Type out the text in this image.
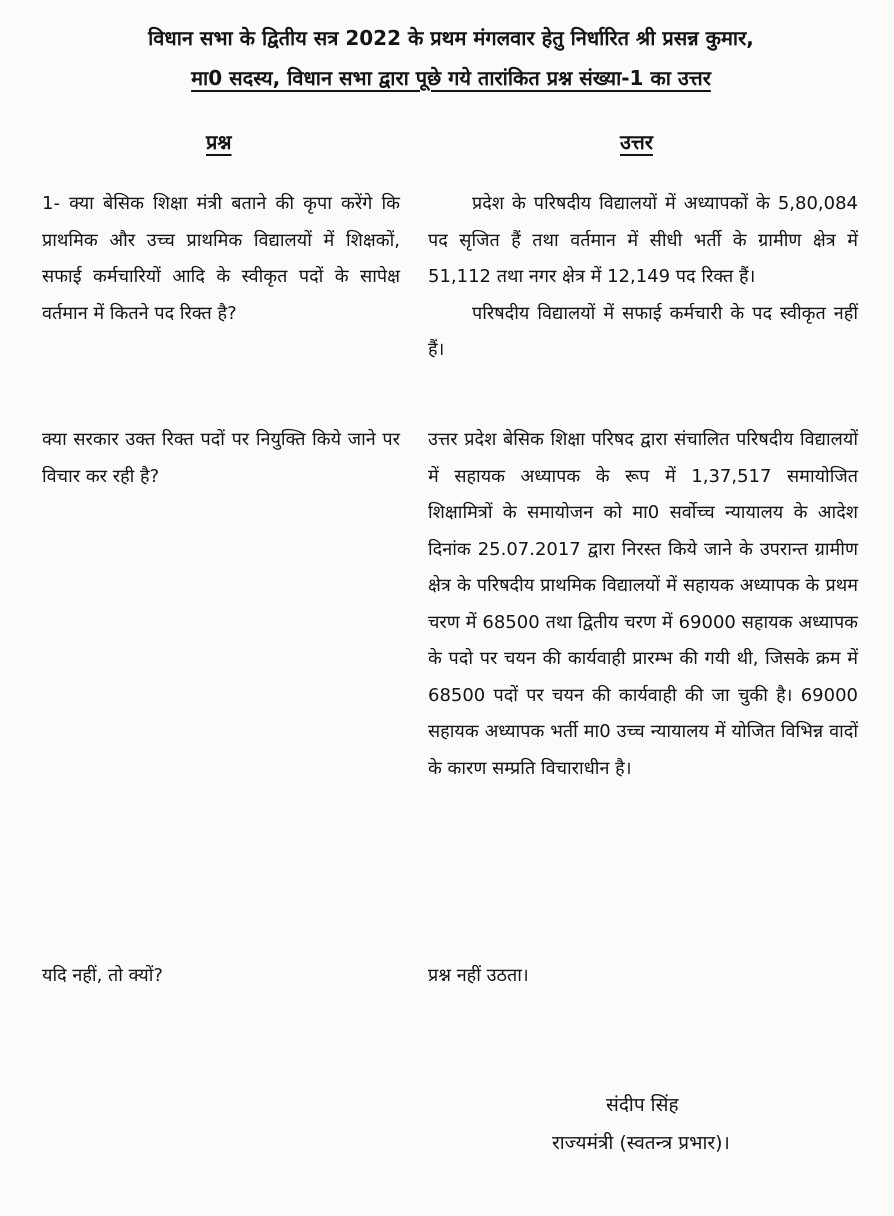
विधान सभा के द्वितीय सत्र 2022 के प्रथम मंगलवार हेतु निर्धारित श्री प्रसन्न कुमार,
मा0 सदस्य, विधान सभा द्वारा पूछे गये तारांकित प्रश्न संख्या-1 का उत्तर
प्रश्न	उत्तर
1- क्या बेसिक शिक्षा मंत्री बताने की कृपा करेंगे कि प्राथमिक और उच्च प्राथमिक विद्यालयों में शिक्षकों, सफाई कर्मचारियों आदि के स्वीकृत पदों के सापेक्ष वर्तमान में कितने पद रिक्त है?
क्या सरकार उक्त रिक्त पदों पर नियुक्ति किये जाने पर विचार कर रही है?
यदि नहीं, तो क्यों?

प्रदेश के परिषदीय विद्यालयों में अध्यापकों के 5,80,084 पद सृजित हैं तथा वर्तमान में सीधी भर्ती के ग्रामीण क्षेत्र में 51,112 तथा नगर क्षेत्र में 12,149 पद रिक्त हैं।

परिषदीय विद्यालयों में सफाई कर्मचारी के पद स्वीकृत नहीं हैं।

उत्तर प्रदेश बेसिक शिक्षा परिषद द्वारा संचालित परिषदीय विद्यालयों में सहायक अध्यापक के रूप में 1,37,517 समायोजित शिक्षामित्रों के समायोजन को मा0 सर्वोच्च न्यायालय के आदेश दिनांक 25.07.2017 द्वारा निरस्त किये जाने के उपरान्त ग्रामीण क्षेत्र के परिषदीय प्राथमिक विद्यालयों में सहायक अध्यापक के प्रथम चरण में 68500 तथा द्वितीय चरण में 69000 सहायक अध्यापक के पदो पर चयन की कार्यवाही प्रारम्भ की गयी थी, जिसके क्रम में 68500 पदों पर चयन की कार्यवाही की जा चुकी है। 69000 सहायक अध्यापक भर्ती मा0 उच्च न्यायालय में योजित विभिन्न वादों के कारण सम्प्रति विचाराधीन है।

प्रश्न नहीं उठता।

संदीप सिंह
राज्यमंत्री (स्वतन्त्र प्रभार)।
